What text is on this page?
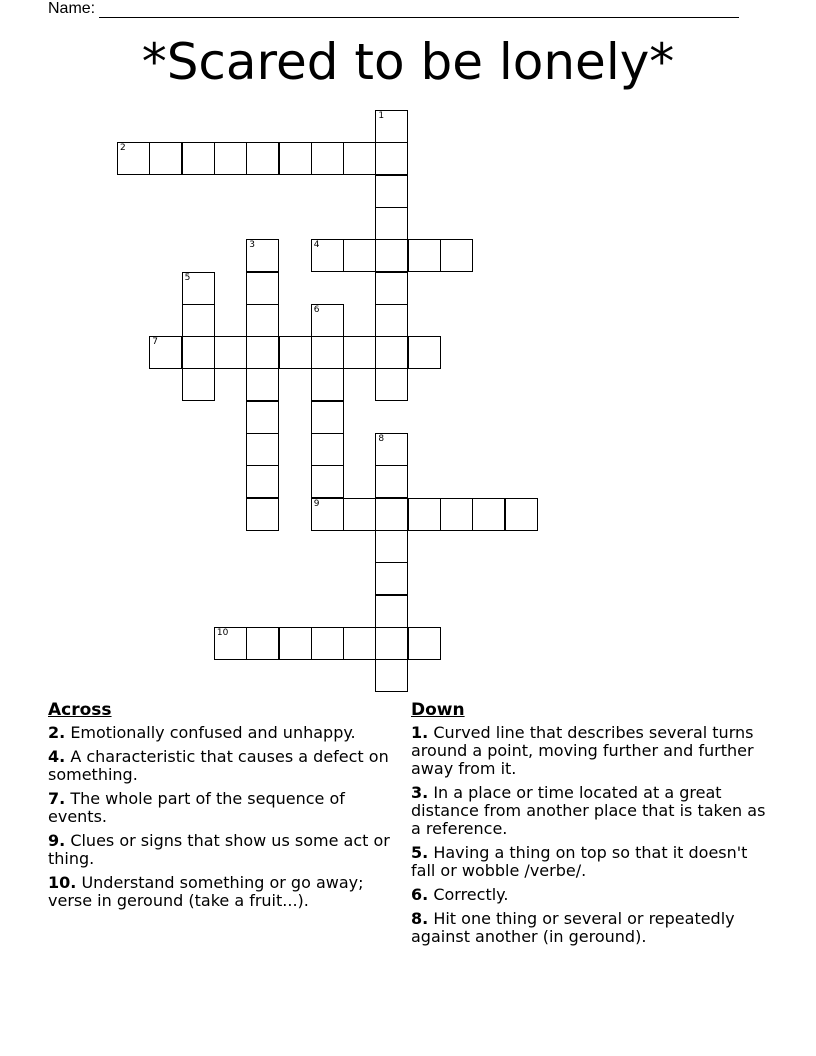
Name:
*Scared to be lonely*
1
2
3	4
5
6
9
7
8
10
Across
2. Emotionally confused and unhappy.
4. A characteristic that causes a defect on something.
7. The whole part of the sequence of events.
9. Clues or signs that show us some act or thing.
10. Understand something or go away; verse in geround (take a fruit...).
Down
1. Curved line that describes several turns around a point, moving further and further away from it.
3. In a place or time located at a great distance from another place that is taken as a reference.
5. Having a thing on top so that it doesn't fall or wobble /verbe/.
6. Correctly.
8. Hit one thing or several or repeatedly against another (in geround).
